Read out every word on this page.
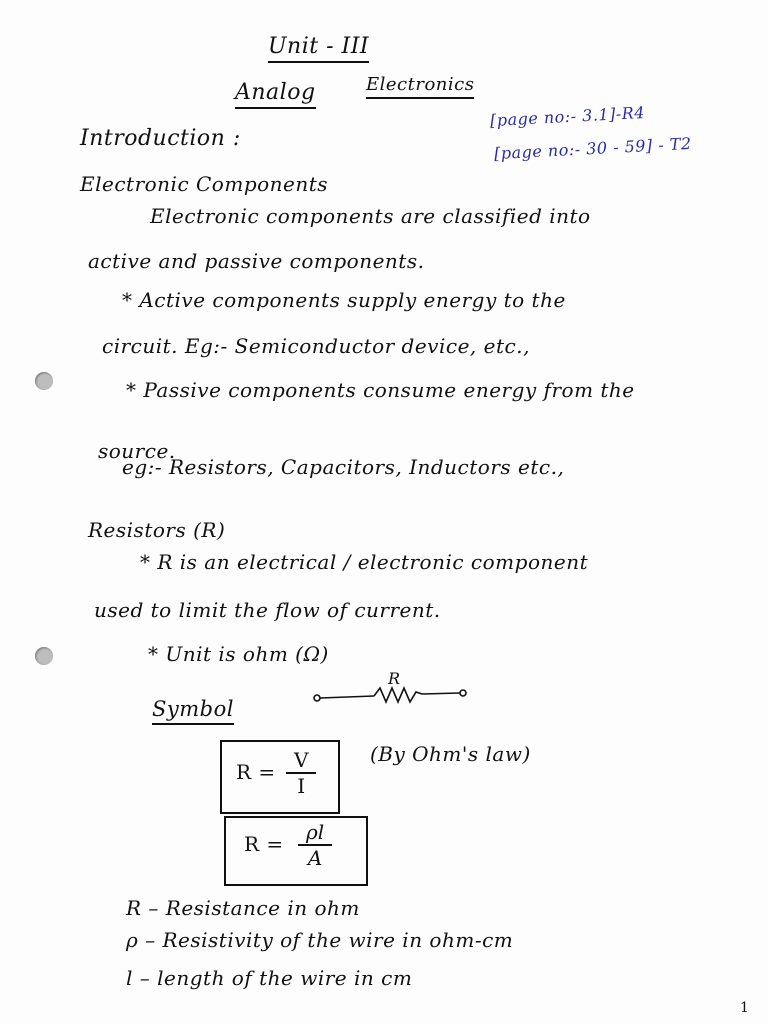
Unit - III
Analog	Electronics
[page no:- 3.1]-R4
[page no:- 30 - 59] - T2
Introduction :
Electronic Components
Electronic components are classified into
active and passive components.
* Active components supply energy to the
circuit. Eg:- Semiconductor device, etc.,
* Passive components consume energy from the
source.
eg:- Resistors, Capacitors, Inductors etc.,
Resistors (R)
* R is an electrical / electronic component
used to limit the flow of current.
* Unit is ohm (Ω)
Symbol
R
$R = \frac{V}{I}$	(By Ohm's law)
$R = \frac{\rho l}{A}$
R – Resistance in ohm
ρ – Resistivity of the wire in ohm-cm
l – length of the wire in cm
1
